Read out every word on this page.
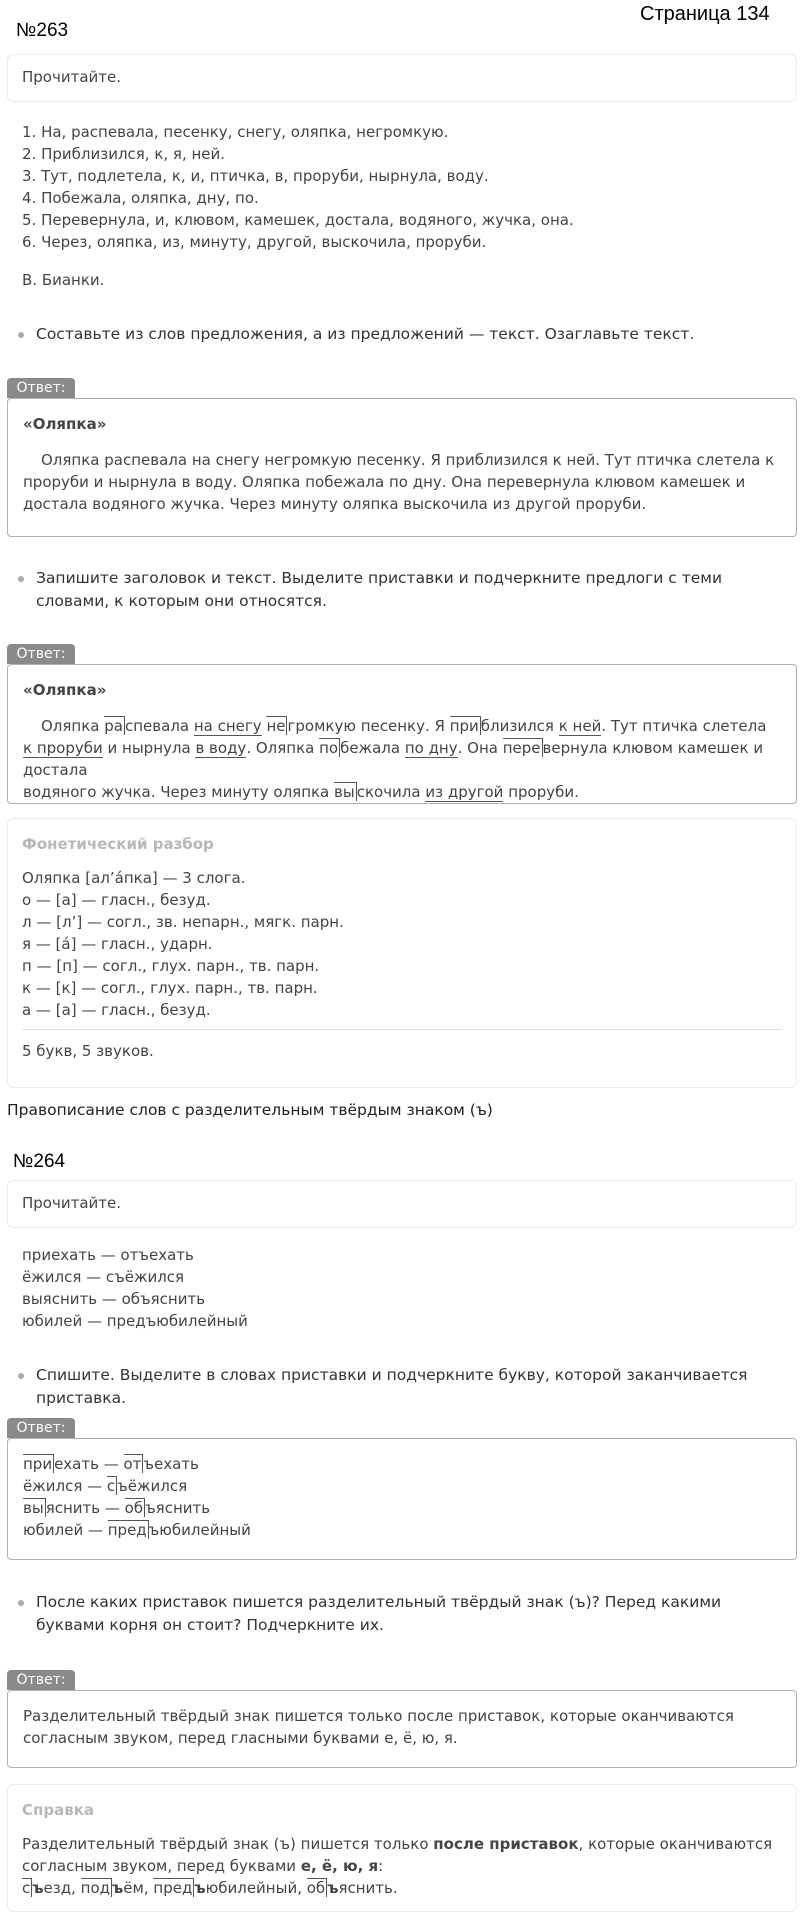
Страница 134
№263
Прочитайте.
1. На, распевала, песенку, снегу, оляпка, негромкую.
2. Приблизился, к, я, ней.
3. Тут, подлетела, к, и, птичка, в, проруби, нырнула, воду.
4. Побежала, оляпка, дну, по.
5. Перевернула, и, клювом, камешек, достала, водяного, жучка, она.
6. Через, оляпка, из, минуту, другой, выскочила, проруби.
В. Бианки.
Составьте из слов предложения, а из предложений — текст. Озаглавьте текст.
Ответ:
«Оляпка»
Оляпка распевала на снегу негромкую песенку. Я приблизился к ней. Тут птичка слетела к проруби и нырнула в воду. Оляпка побежала по дну. Она перевернула клювом камешек и достала водяного жучка. Через минуту оляпка выскочила из другой проруби.
Запишите заголовок и текст. Выделите приставки и подчеркните предлоги с теми словами, к которым они относятся.
Ответ:
«Оляпка»
Оляпка ра спевала на снегу не громкую песенку. Я при близился к ней. Тут птичка слетела
к проруби и нырнула в воду. Оляпка по бежала по дну. Она пере вернула клювом камешек и достала
водяного жучка. Через минуту оляпка вы скочила из другой проруби.
Фонетический разбор
Оляпка [ал’а́пка] — 3 слога.
о — [а] — гласн., безуд.
л — [л’] — согл., зв. непарн., мягк. парн.
я — [а́] — гласн., ударн.
п — [п] — согл., глух. парн., тв. парн.
к — [к] — согл., глух. парн., тв. парн.
а — [а] — гласн., безуд.
5 букв, 5 звуков.
Правописание слов с разделительным твёрдым знаком (ъ)
№264
Прочитайте.
приехать — отъехать
ёжился — съёжился
выяснить — объяснить
юбилей — предъюбилейный
Спишите. Выделите в словах приставки и подчеркните букву, которой заканчивается приставка.
Ответ:
при ехать — от ъехать
ёжился — с ъёжился
вы яснить — об ъяснить
юбилей — пред ъюбилейный
После каких приставок пишется разделительный твёрдый знак (ъ)? Перед какими буквами корня он стоит? Подчеркните их.
Ответ:
Разделительный твёрдый знак пишется только после приставок, которые оканчиваются согласным звуком, перед гласными буквами е, ё, ю, я.
Справка
Разделительный твёрдый знак (ъ) пишется только после приставок, которые оканчиваются
согласным звуком, перед буквами е, ё, ю, я:
с ъезд, под ъём, пред ъюбилейный, об ъяснить.
